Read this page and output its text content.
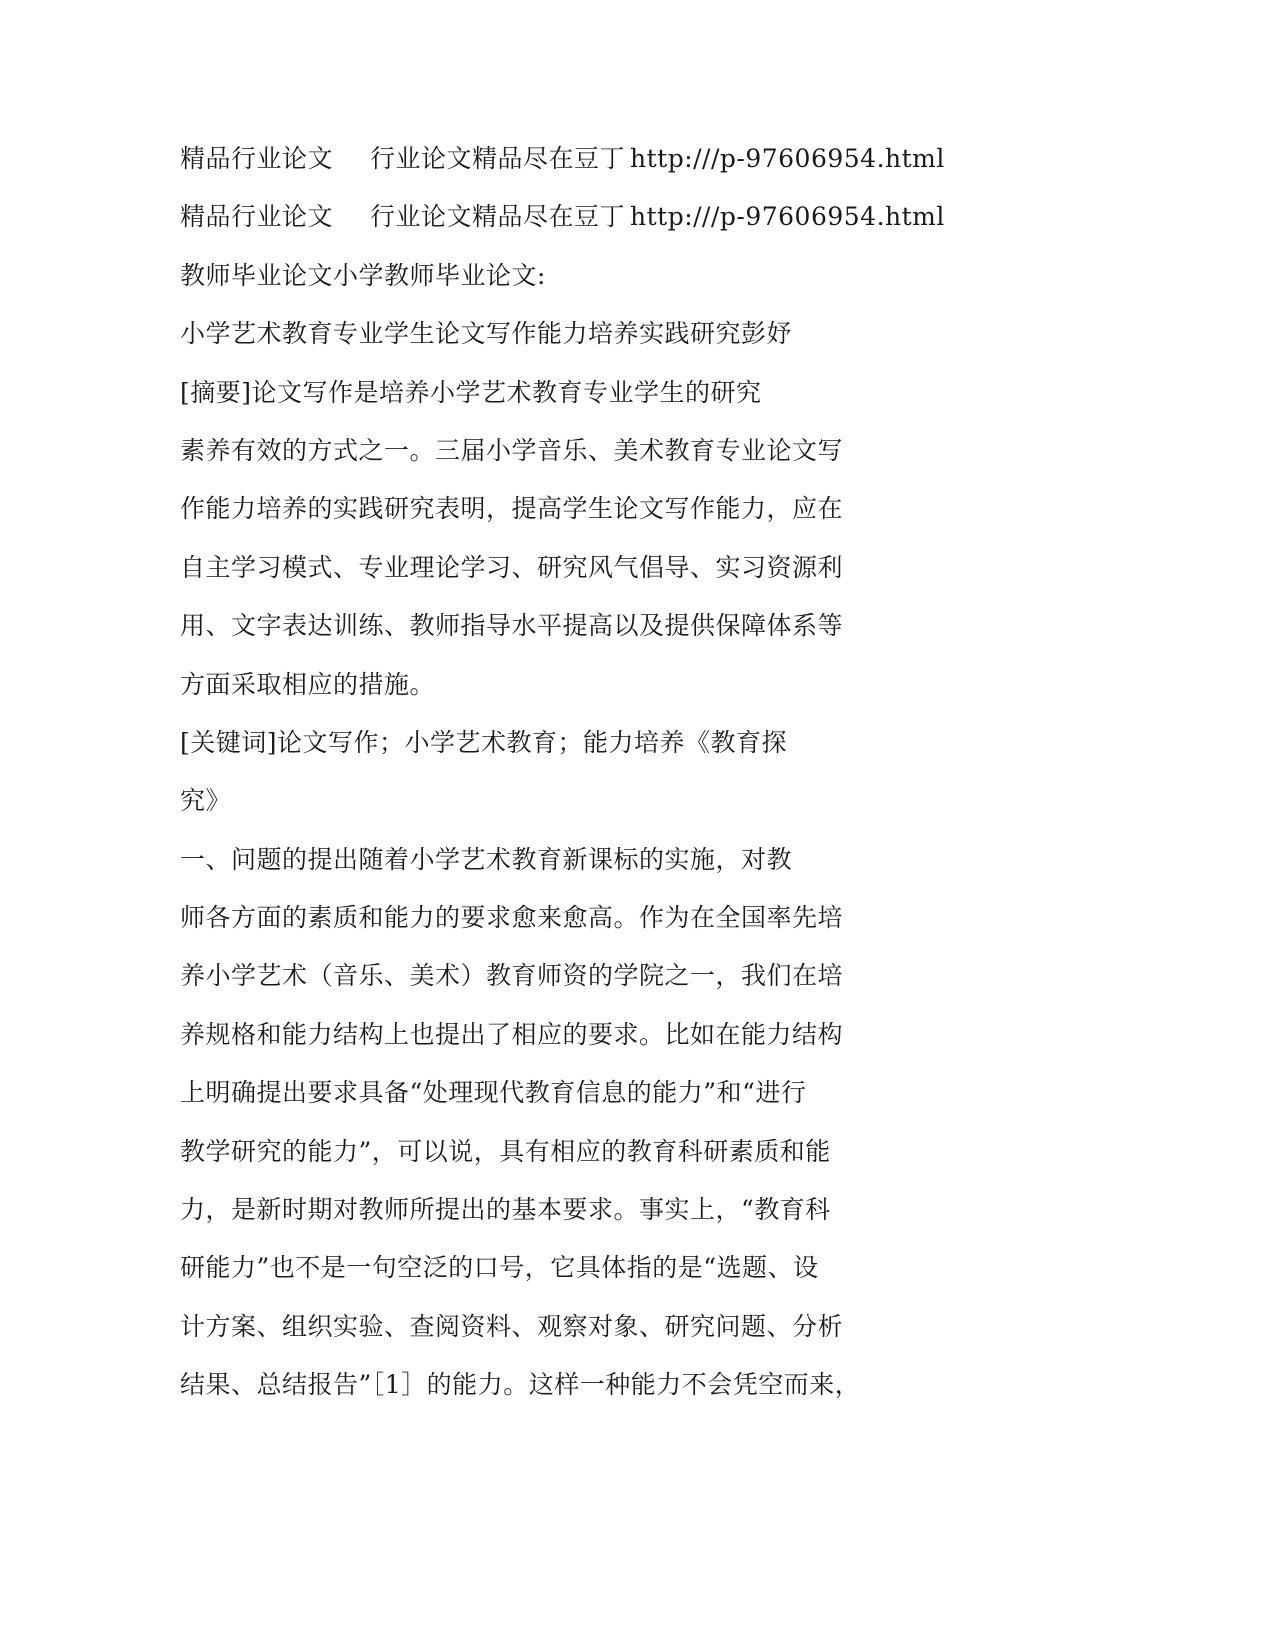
精品行业论文 行业论文精品尽在豆丁 http:///p-97606954.html
精品行业论文 行业论文精品尽在豆丁 http:///p-97606954.html
教师毕业论文小学教师毕业论文:
小学艺术教育专业学生论文写作能力培养实践研究彭妤
[摘要]论文写作是培养小学艺术教育专业学生的研究
素养有效的方式之一。三届小学音乐、美术教育专业论文写
作能力培养的实践研究表明，提高学生论文写作能力，应在
自主学习模式、专业理论学习、研究风气倡导、实习资源利
用、文字表达训练、教师指导水平提高以及提供保障体系等
方面采取相应的措施。
[关键词]论文写作；小学艺术教育；能力培养《教育探
究》
一、问题的提出随着小学艺术教育新课标的实施，对教
师各方面的素质和能力的要求愈来愈高。作为在全国率先培
养小学艺术（音乐、美术）教育师资的学院之一，我们在培
养规格和能力结构上也提出了相应的要求。比如在能力结构
上明确提出要求具备“处理现代教育信息的能力”和“进行
教学研究的能力”，可以说，具有相应的教育科研素质和能
力，是新时期对教师所提出的基本要求。事实上，“教育科
研能力”也不是一句空泛的口号，它具体指的是“选题、设
计方案、组织实验、查阅资料、观察对象、研究问题、分析
结果、总结报告”［1］的能力。这样一种能力不会凭空而来，
